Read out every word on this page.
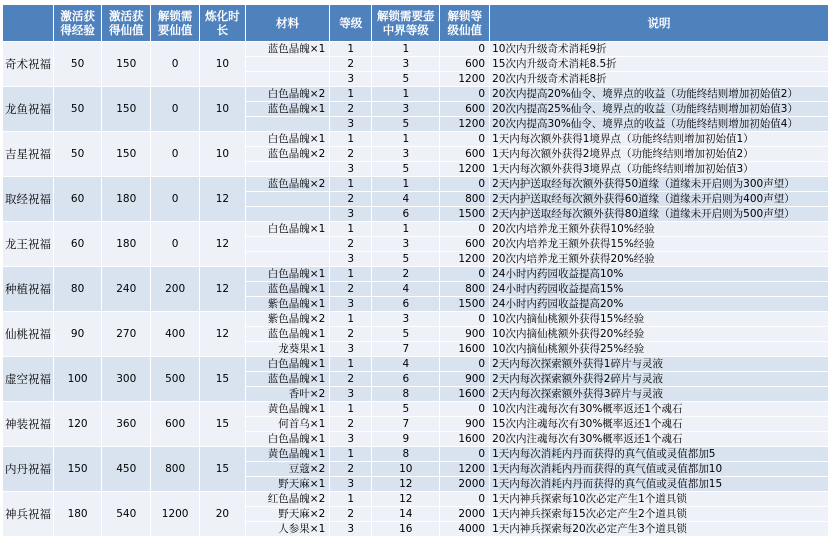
	激活获得经验	激活获得仙值	解锁需要仙值	炼化时长	材料	等级	解锁需要壶中界等级	解锁等级仙值	说明
奇术祝福	50	150	0	10	蓝色晶魄×1	1	1	0	10次内升级奇术消耗9折
						2	3	600	15次内升级奇术消耗8.5折
						3	5	1200	20次内升级奇术消耗8折
龙鱼祝福	50	150	0	10	白色晶魄×2	1	1	0	20次内提高20%仙令、境界点的收益（功能终结则增加初始值2）
					蓝色晶魄×1	2	3	600	20次内提高25%仙令、境界点的收益（功能终结则增加初始值3）
						3	5	1200	20次内提高30%仙令、境界点的收益（功能终结则增加初始值4）
吉星祝福	50	150	0	10	白色晶魄×1	1	1	0	1天内每次额外获得1境界点（功能终结则增加初始值1）
					蓝色晶魄×2	2	3	600	1天内每次额外获得2境界点（功能终结则增加初始值2）
						3	5	1200	1天内每次额外获得3境界点（功能终结则增加初始值3）
取经祝福	60	180	0	12	蓝色晶魄×2	1	1	0	2天内护送取经每次额外获得50道缘（道缘未开启则为300声望）
						2	4	800	2天内护送取经每次额外获得60道缘（道缘未开启则为400声望）
						3	6	1500	2天内护送取经每次额外获得80道缘（道缘未开启则为500声望）
龙王祝福	60	180	0	12	白色晶魄×1	1	1	0	20次内培养龙王额外获得10%经验
						2	3	600	20次内培养龙王额外获得15%经验
						3	5	1200	20次内培养龙王额外获得20%经验
种植祝福	80	240	200	12	白色晶魄×1	1	2	0	24小时内药园收益提高10%
					蓝色晶魄×1	2	4	800	24小时内药园收益提高15%
					紫色晶魄×1	3	6	1500	24小时内药园收益提高20%
仙桃祝福	90	270	400	12	紫色晶魄×2	1	3	0	10次内摘仙桃额外获得15%经验
					蓝色晶魄×1	2	5	900	10次内摘仙桃额外获得20%经验
					龙葵果×1	3	7	1600	10次内摘仙桃额外获得25%经验
虚空祝福	100	300	500	15	白色晶魄×1	1	4	0	2天内每次探索额外获得1碎片与灵液
					蓝色晶魄×1	2	6	900	2天内每次探索额外获得2碎片与灵液
					香叶×2	3	8	1600	2天内每次探索额外获得3碎片与灵液
神装祝福	120	360	600	15	黄色晶魄×1	1	5	0	10次内注魂每次有30%概率返还1个魂石
					何首乌×1	2	7	900	15次内注魂每次有30%概率返还1个魂石
					白色晶魄×1	3	9	1600	20次内注魂每次有30%概率返还1个魂石
内丹祝福	150	450	800	15	黄色晶魄×1	1	8	0	1天内每次消耗内丹而获得的真气值或灵值都加5
					豆蔻×2	2	10	1200	1天内每次消耗内丹而获得的真气值或灵值都加10
					野天麻×1	3	12	2000	1天内每次消耗内丹而获得的真气值或灵值都加15
神兵祝福	180	540	1200	20	红色晶魄×2	1	12	0	1天内神兵探索每10次必定产生1个道具锁
					野天麻×2	2	14	2000	1天内神兵探索每15次必定产生2个道具锁
					人参果×1	3	16	4000	1天内神兵探索每20次必定产生3个道具锁
